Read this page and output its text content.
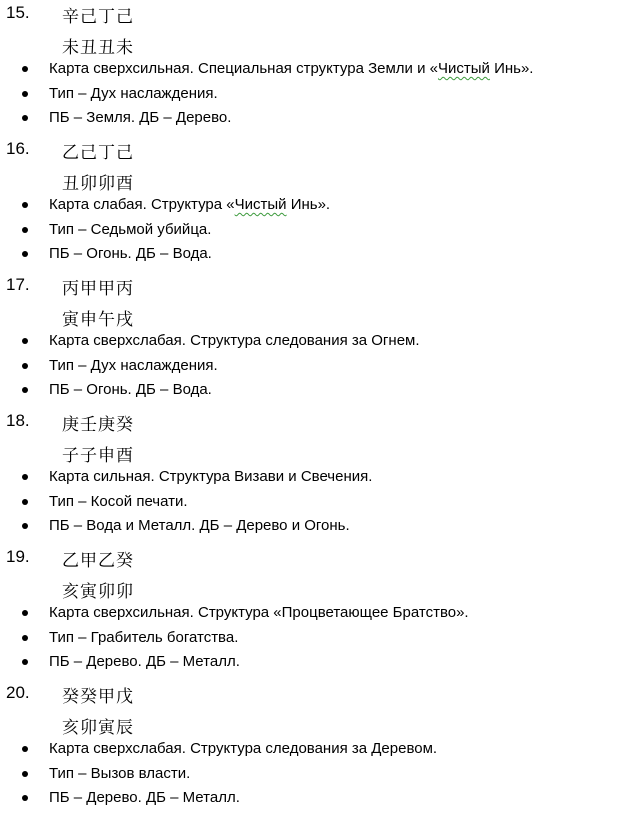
15. 辛己丁己
未丑丑未
Карта сверхсильная. Специальная структура Земли и «Чистый Инь».
Тип – Дух наслаждения.
ПБ – Земля. ДБ – Дерево.
16. 乙己丁己
丑卯卯酉
Карта слабая. Структура «Чистый Инь».
Тип – Седьмой убийца.
ПБ – Огонь. ДБ – Вода.
17. 丙甲甲丙
寅申午戌
Карта сверхслабая. Структура следования за Огнем.
Тип – Дух наслаждения.
ПБ – Огонь. ДБ – Вода.
18. 庚壬庚癸
子子申酉
Карта сильная. Структура Визави и Свечения.
Тип – Косой печати.
ПБ – Вода и Металл. ДБ – Дерево и Огонь.
19. 乙甲乙癸
亥寅卯卯
Карта сверхсильная. Структура «Процветающее Братство».
Тип – Грабитель богатства.
ПБ – Дерево. ДБ – Металл.
20. 癸癸甲戊
亥卯寅辰
Карта сверхслабая. Структура следования за Деревом.
Тип – Вызов власти.
ПБ – Дерево. ДБ – Металл.
